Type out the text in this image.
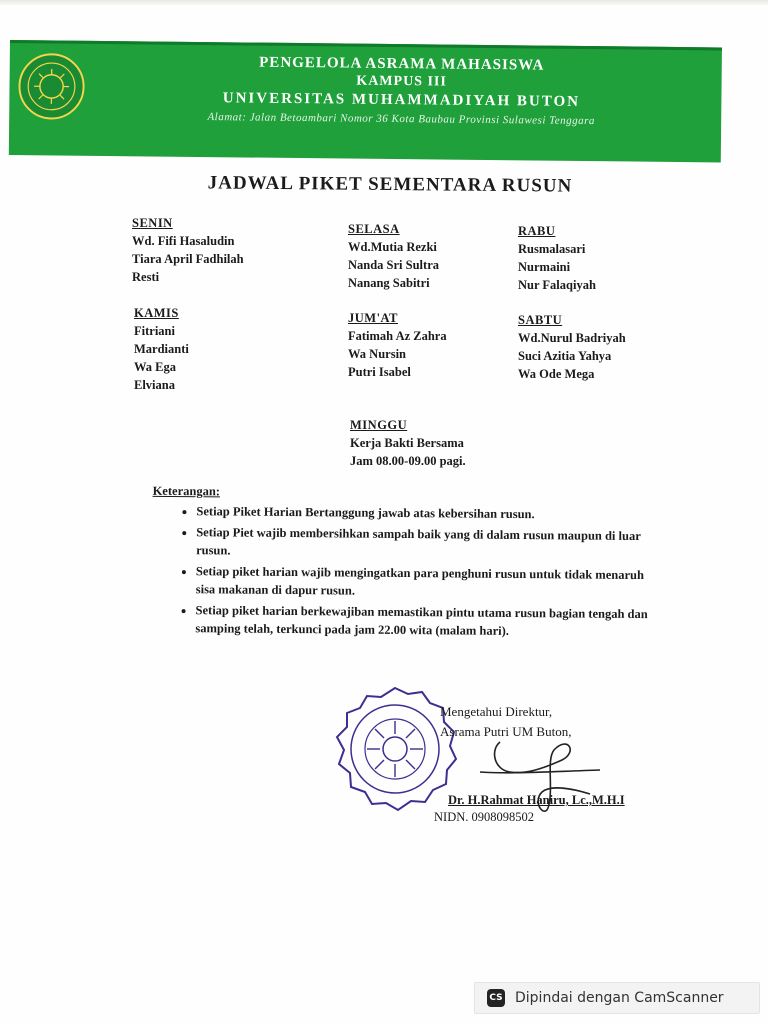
PENGELOLA ASRAMA MAHASISWA
KAMPUS III
UNIVERSITAS MUHAMMADIYAH BUTON
Alamat: Jalan Betoambari Nomor 36 Kota Baubau Provinsi Sulawesi Tenggara
JADWAL PIKET SEMENTARA RUSUN
SENIN
Wd. Fifi Hasaludin
Tiara April Fadhilah
Resti
SELASA
Wd.Mutia Rezki
Nanda Sri Sultra
Nanang Sabitri
RABU
Rusmalasari
Nurmaini
Nur Falaqiyah
KAMIS
Fitriani
Mardianti
Wa Ega
Elviana
JUM'AT
Fatimah Az Zahra
Wa Nursin
Putri Isabel
SABTU
Wd.Nurul Badriyah
Suci Azitia Yahya
Wa Ode Mega
MINGGU
Kerja Bakti Bersama
Jam 08.00-09.00 pagi.
Keterangan:
• Setiap Piket Harian Bertanggung jawab atas kebersihan rusun.
• Setiap Piet wajib membersihkan sampah baik yang di dalam rusun maupun di luar rusun.
• Setiap piket harian wajib mengingatkan para penghuni rusun untuk tidak menaruh sisa makanan di dapur rusun.
• Setiap piket harian berkewajiban memastikan pintu utama rusun bagian tengah dan samping telah, terkunci pada jam 22.00 wita (malam hari).
Mengetahui Direktur,
Asrama Putri UM Buton,
Dr. H.Rahmat Haniru, Lc.,M.H.I
NIDN. 0908098502
CS Dipindai dengan CamScanner
